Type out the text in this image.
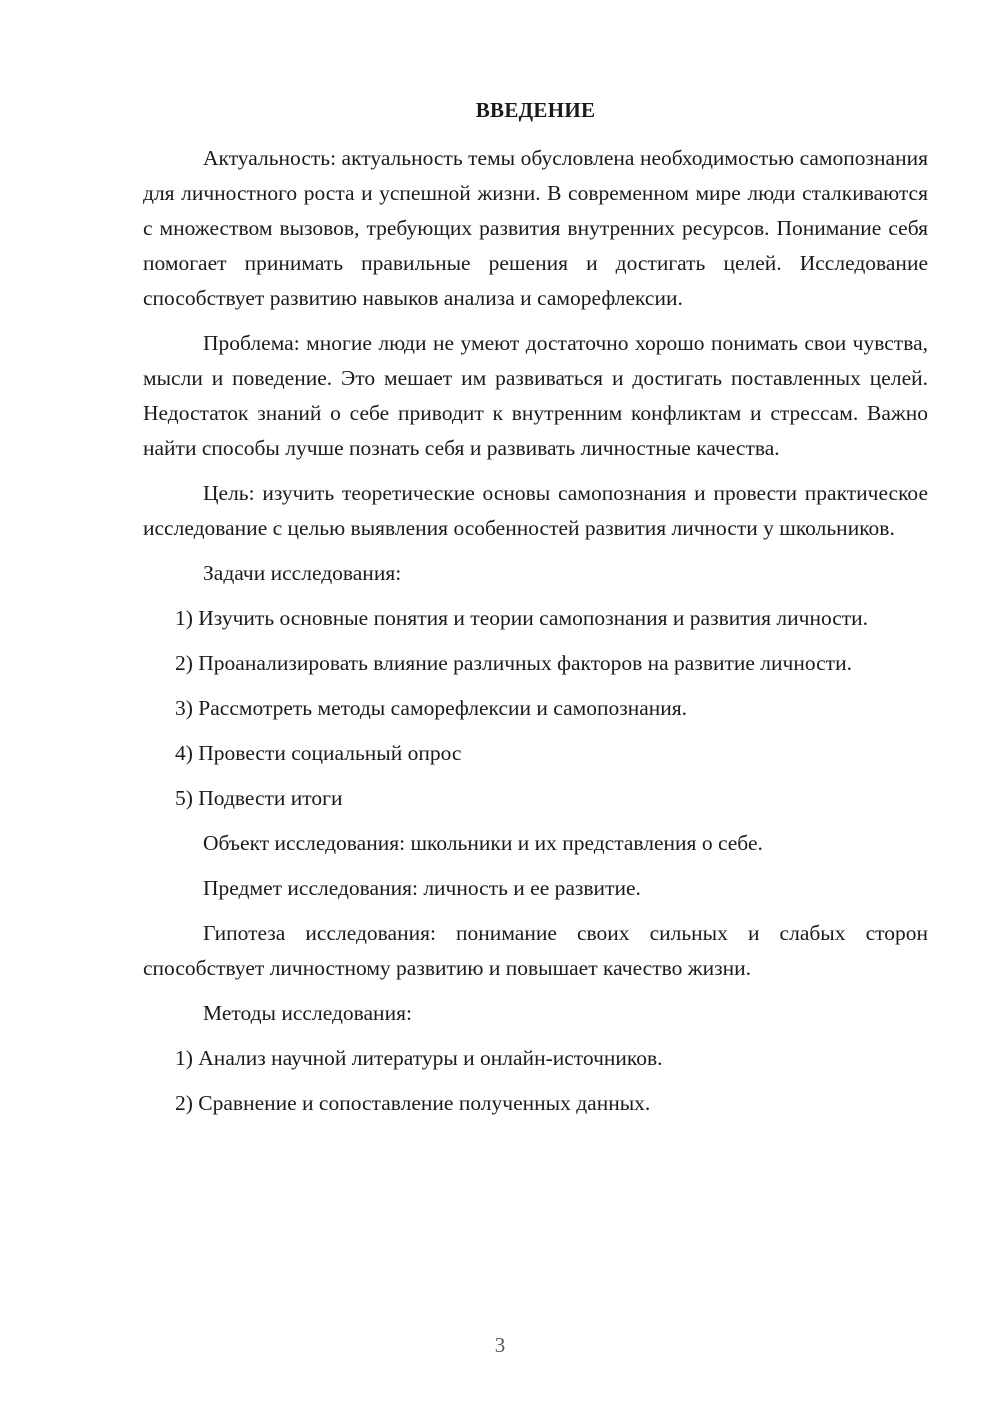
ВВЕДЕНИЕ

Актуальность: актуальность темы обусловлена необходимостью самопознания для личностного роста и успешной жизни. В современном мире люди сталкиваются с множеством вызовов, требующих развития внутренних ресурсов. Понимание себя помогает принимать правильные решения и достигать целей. Исследование способствует развитию навыков анализа и саморефлексии.

Проблема: многие люди не умеют достаточно хорошо понимать свои чувства, мысли и поведение. Это мешает им развиваться и достигать поставленных целей. Недостаток знаний о себе приводит к внутренним конфликтам и стрессам. Важно найти способы лучше познать себя и развивать личностные качества.

Цель: изучить теоретические основы самопознания и провести практическое исследование с целью выявления особенностей развития личности у школьников.

Задачи исследования:

1) Изучить основные понятия и теории самопознания и развития личности.

2) Проанализировать влияние различных факторов на развитие личности.

3) Рассмотреть методы саморефлексии и самопознания.

4) Провести социальный опрос

5) Подвести итоги

Объект исследования: школьники и их представления о себе.

Предмет исследования: личность и ее развитие.

Гипотеза исследования: понимание своих сильных и слабых сторон способствует личностному развитию и повышает качество жизни.

Методы исследования:

1) Анализ научной литературы и онлайн-источников.

2) Сравнение и сопоставление полученных данных.

3
